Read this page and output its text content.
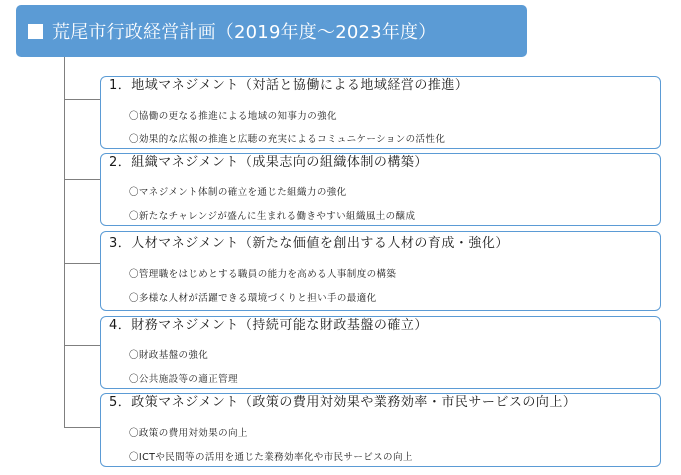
荒尾市行政経営計画（2019年度～2023年度）
1．地域マネジメント（対話と協働による地域経営の推進）
〇協働の更なる推進による地域の知事力の強化
〇効果的な広報の推進と広聴の充実によるコミュニケーションの活性化
2．組織マネジメント（成果志向の組織体制の構築）
〇マネジメント体制の確立を通じた組織力の強化
〇新たなチャレンジが盛んに生まれる働きやすい組織風土の醸成
3．人材マネジメント（新たな価値を創出する人材の育成・強化）
〇管理職をはじめとする職員の能力を高める人事制度の構築
〇多様な人材が活躍できる環境づくりと担い手の最適化
4．財務マネジメント（持続可能な財政基盤の確立）
〇財政基盤の強化
〇公共施設等の適正管理
5．政策マネジメント（政策の費用対効果や業務効率・市民サービスの向上）
〇政策の費用対効果の向上
〇ICTや民間等の活用を通じた業務効率化や市民サービスの向上
